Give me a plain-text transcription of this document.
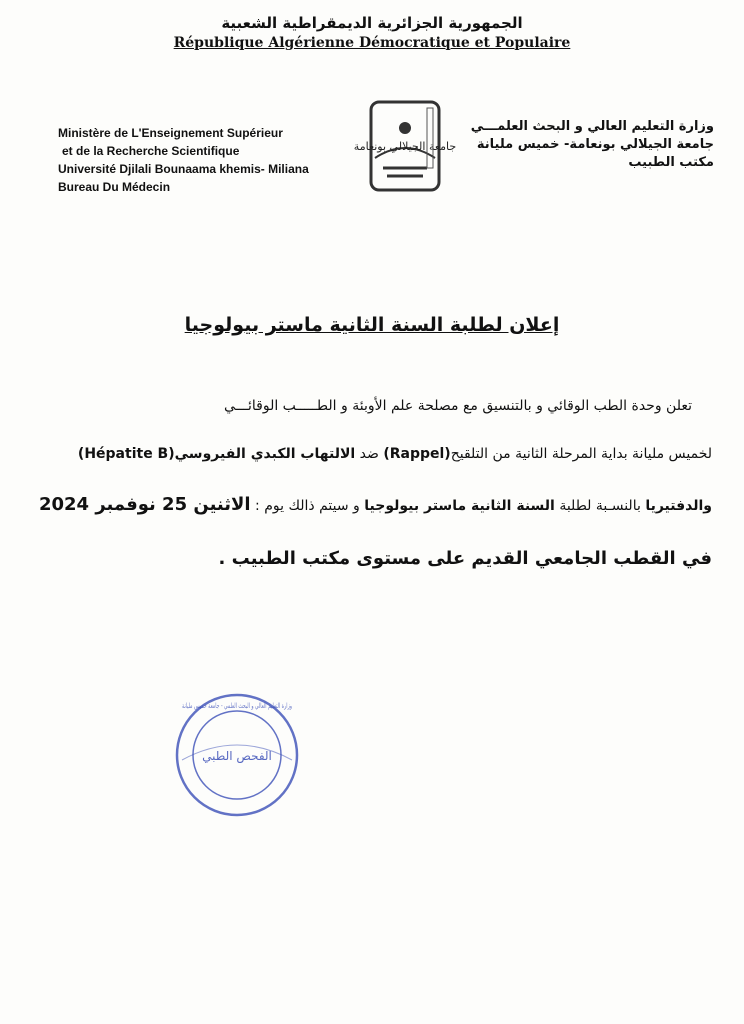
الجمهورية الجزائرية الديمقراطية الشعبية
République Algérienne Démocratique et Populaire
Ministère de L'Enseignement Supérieur
et de la Recherche Scientifique
Université Djilali Bounaama khemis- Miliana
Bureau Du Médecin
جامعة الجيلالي بونعامة
وزارة التعليم العالي و البحث العلمـــي
جامعة الجيلالي بونعامة- خميس مليانة
مكتب الطبيب
إعلان لطلبة السنة الثانية ماستر بيولوجيا
تعلن وحدة الطب الوقائي و بالتنسيق مع مصلحة علم الأوبئة و الطـــــب الوقائـــي
لخميس مليانة بداية المرحلة الثانية من التلقيح(Rappel) ضد الالتهاب الكبدي الفيروسي(Hépatite B)
والدفتيريا بالنسـبة لطلبة السنة الثانية ماستر بيولوجيا و سيتم ذالك يوم : الاثنين 25 نوفمبر 2024
في القطب الجامعي القديم على مستوى مكتب الطبيب .
الفحص الطبي
وزارة التعليم العالي و البحث العلمي - جامعة خميس مليانة
